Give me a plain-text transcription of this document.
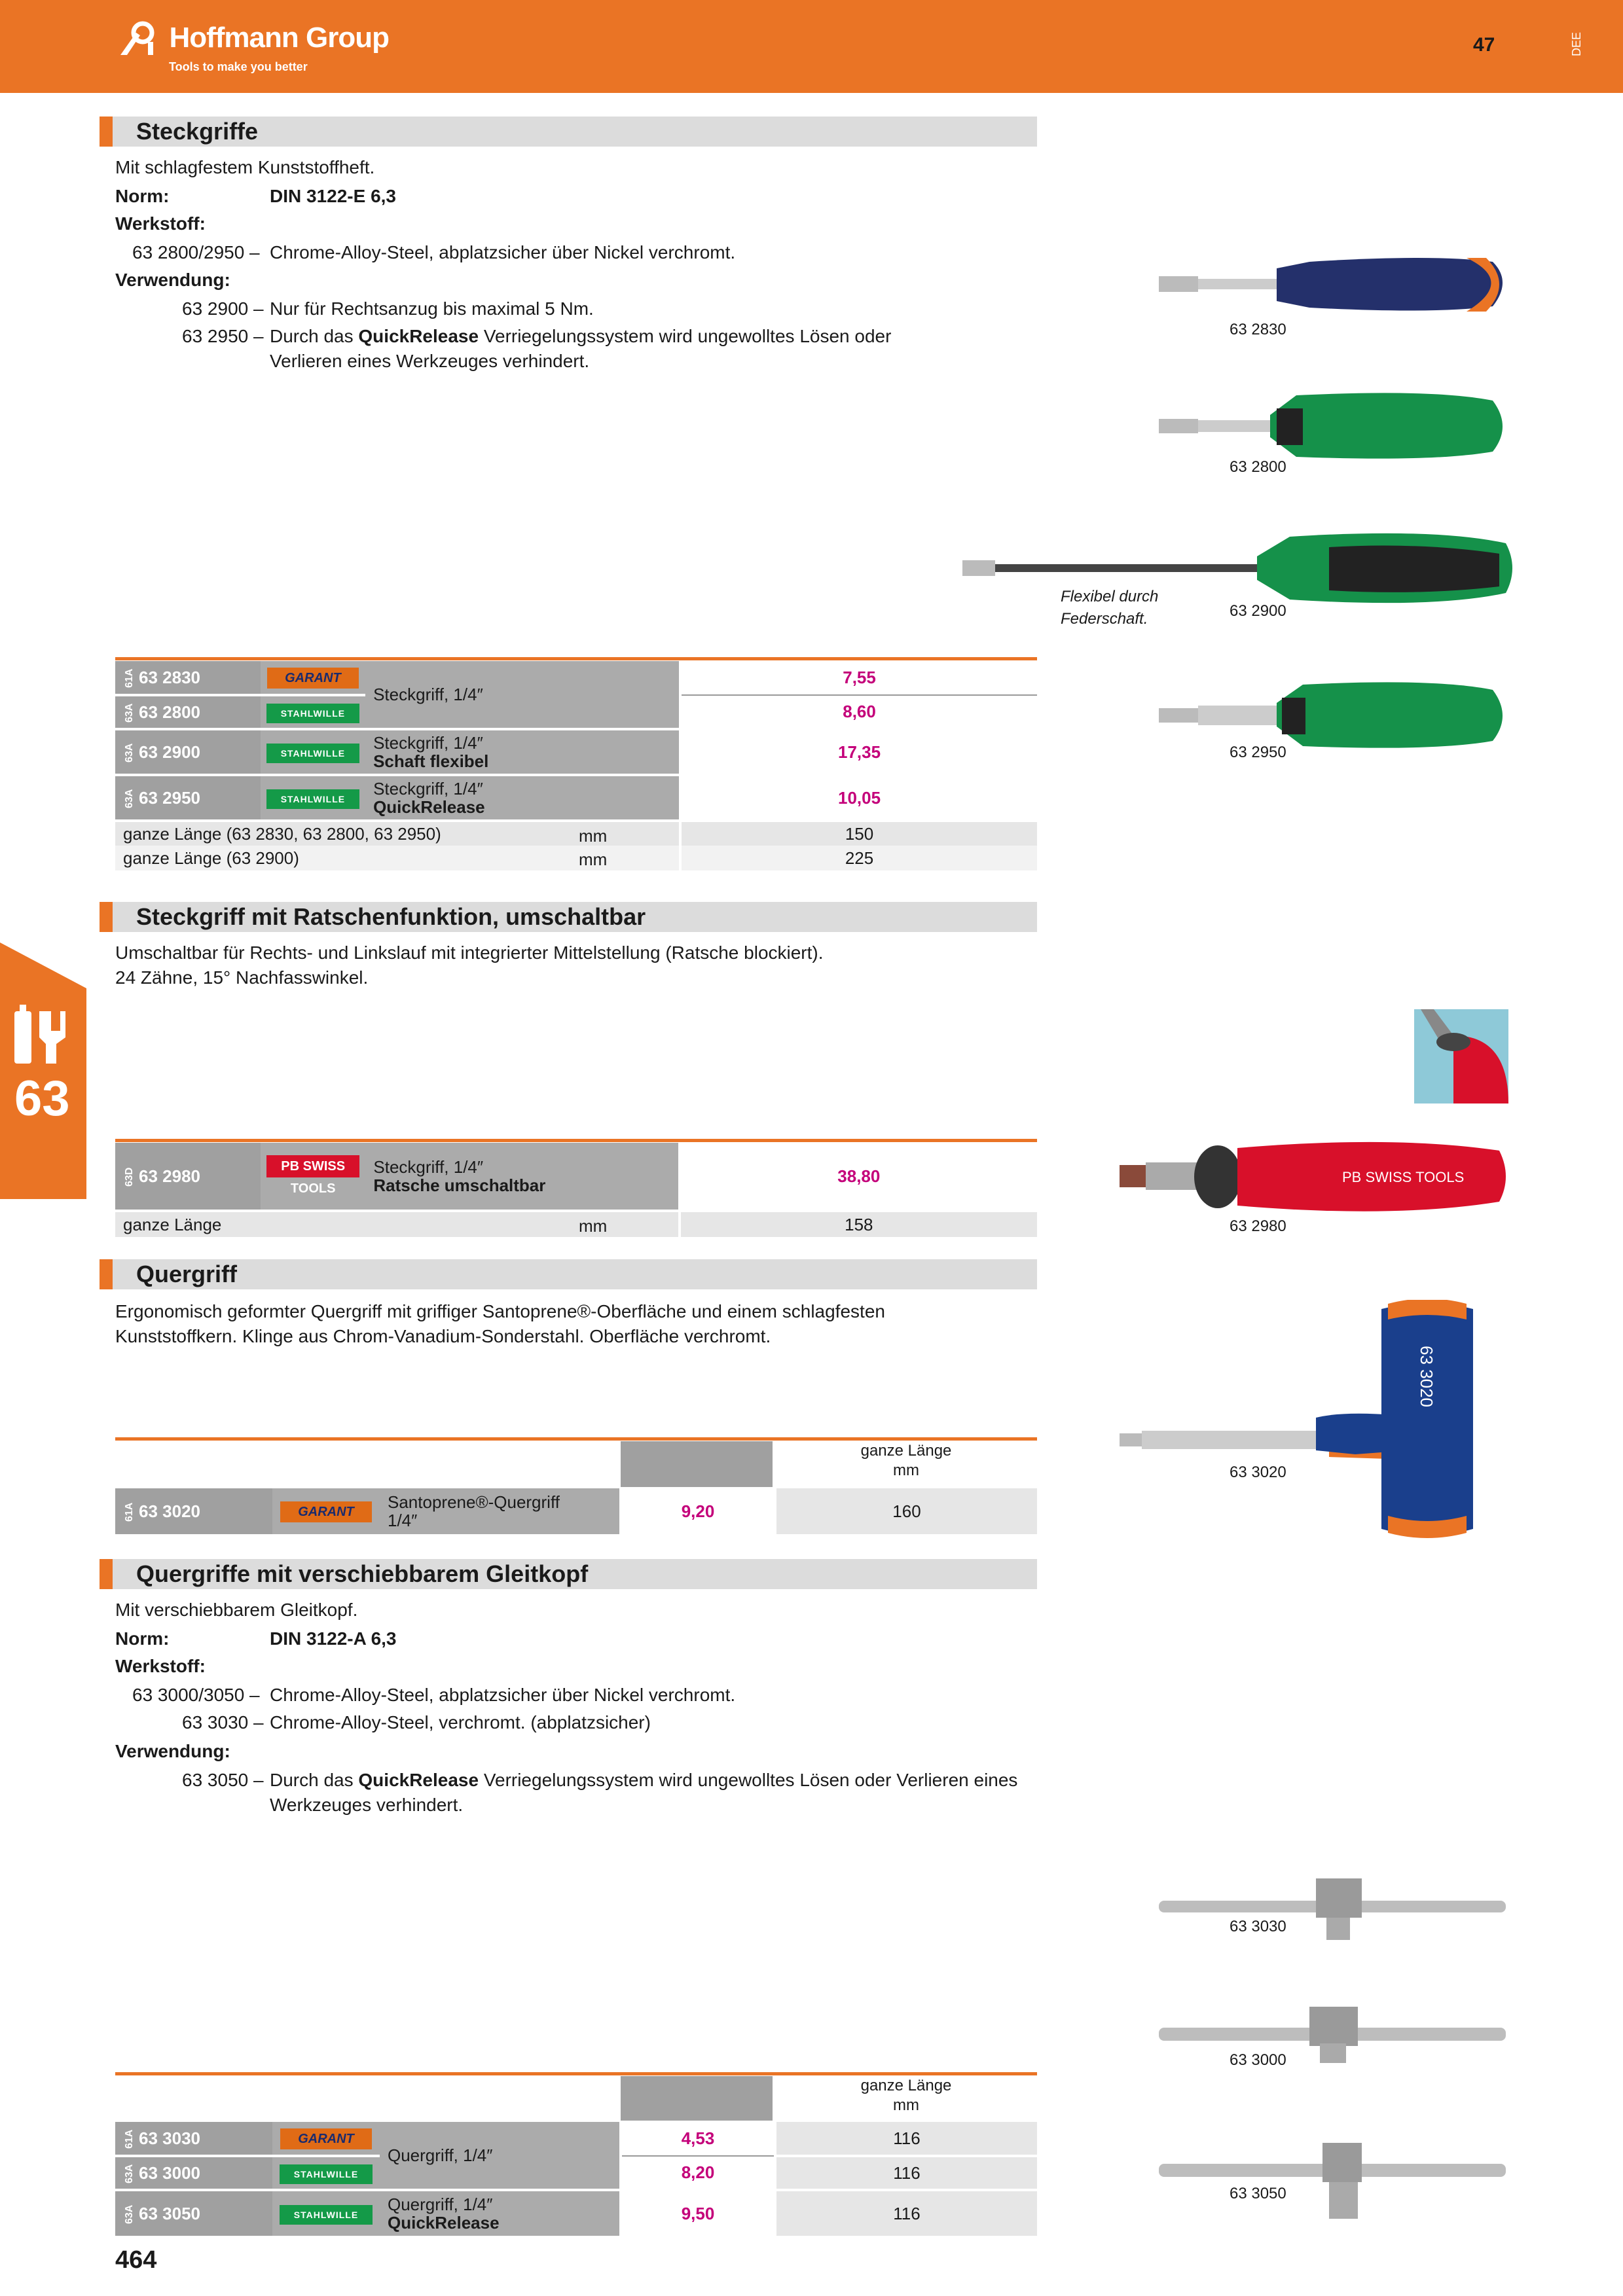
Hoffmann Group
Tools to make you better
47	DEE
63
Steckgriffe
Mit schlagfestem Kunststoffheft.
Norm:	DIN 3122-E 6,3
Werkstoff:
63 2800/2950 – Chrome-Alloy-Steel, abplatzsicher über Nickel verchromt.
Verwendung:
63 2900 – Nur für Rechtsanzug bis maximal 5 Nm.
63 2950 – Durch das QuickRelease Verriegelungssystem wird ungewolltes Lösen oder
Verlieren eines Werkzeuges verhindert.
61A 63 2830	GARANT	Steckgriff, 1/4″	7,55
63A 63 2800	STAHLWILLE		8,60
63A 63 2900	STAHLWILLE	Steckgriff, 1/4″
Schaft flexibel	17,35
63A 63 2950	STAHLWILLE	Steckgriff, 1/4″
QuickRelease	10,05
ganze Länge (63 2830, 63 2800, 63 2950) mm			150
ganze Länge (63 2900) mm			225
63 2830
63 2800
Flexibel durch
Federschaft.	63 2900
63 2950
Steckgriff mit Ratschenfunktion, umschaltbar
Umschaltbar für Rechts- und Linkslauf mit integrierter Mittelstellung (Ratsche blockiert).
24 Zähne, 15° Nachfasswinkel.
63D 63 2980	PB SWISS TOOLS	Steckgriff, 1/4″
Ratsche umschaltbar	38,80
ganze Länge mm			158
PB SWISS TOOLS
63 2980
Quergriff
Ergonomisch geformter Quergriff mit griffiger Santoprene®-Oberfläche und einem schlagfesten
Kunststoffkern. Klinge aus Chrom-Vanadium-Sonderstahl. Oberfläche verchromt.
ganze Länge
mm
61A 63 3020	GARANT	Santoprene®-Quergriff
1/4″	9,20	160
63 3020
63 3020
Quergriffe mit verschiebbarem Gleitkopf
Mit verschiebbarem Gleitkopf.
Norm:	DIN 3122-A 6,3
Werkstoff:
63 3000/3050 – Chrome-Alloy-Steel, abplatzsicher über Nickel verchromt.
63 3030 – Chrome-Alloy-Steel, verchromt. (abplatzsicher)
Verwendung:
63 3050 – Durch das QuickRelease Verriegelungssystem wird ungewolltes Lösen oder Verlieren eines
Werkzeuges verhindert.
ganze Länge
mm
61A 63 3030	GARANT	Quergriff, 1/4″	4,53	116
63A 63 3000	STAHLWILLE		8,20	116
63A 63 3050	STAHLWILLE	Quergriff, 1/4″
QuickRelease	9,50	116
63 3030
63 3000
63 3050
464
